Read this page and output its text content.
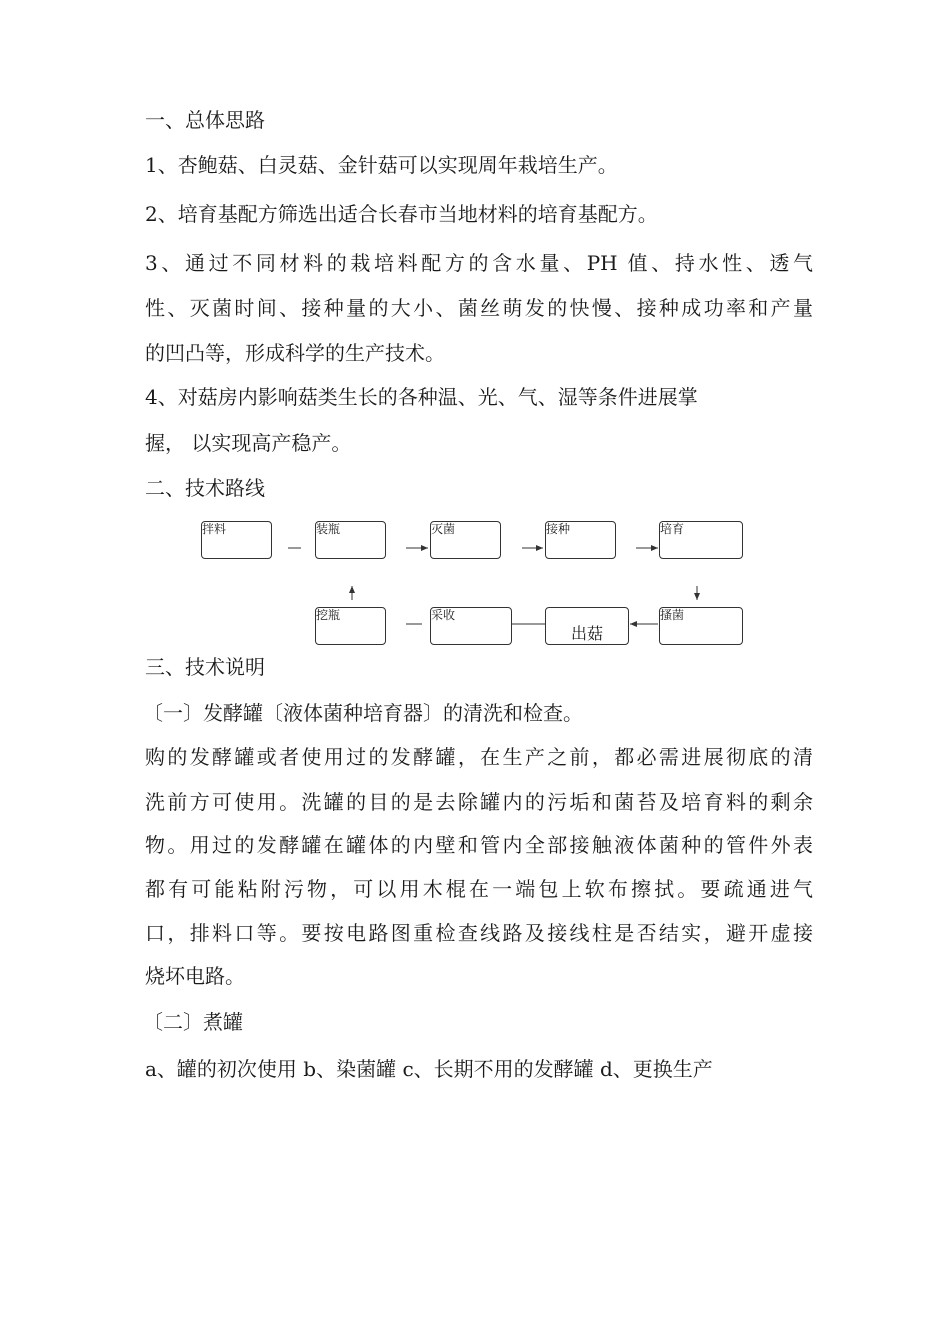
一、总体思路
1、杏鲍菇、白灵菇、金针菇可以实现周年栽培生产。
2、培育基配方筛选出适合长春市当地材料的培育基配方。
3、通过不同材料的栽培料配方的含水量、PH 值、持水性、透气
性、灭菌时间、接种量的大小、菌丝萌发的快慢、接种成功率和产量
的凹凸等，形成科学的生产技术。
4、对菇房内影响菇类生长的各种温、光、气、湿等条件进展掌
握， 以实现高产稳产。
二、技术路线
拌料	装瓶	灭菌	接种	培育
挖瓶	采收
出菇
搔菌
三、技术说明
〔一〕发酵罐〔液体菌种培育器〕的清洗和检查。
购的发酵罐或者使用过的发酵罐，在生产之前，都必需进展彻底的清
洗前方可使用。洗罐的目的是去除罐内的污垢和菌苔及培育料的剩余
物。用过的发酵罐在罐体的内壁和管内全部接触液体菌种的管件外表
都有可能粘附污物，可以用木棍在一端包上软布擦拭。要疏通进气
口，排料口等。要按电路图重检查线路及接线柱是否结实，避开虚接
烧坏电路。
〔二〕煮罐
a、罐的初次使用 b、染菌罐 c、长期不用的发酵罐 d、更换生产
